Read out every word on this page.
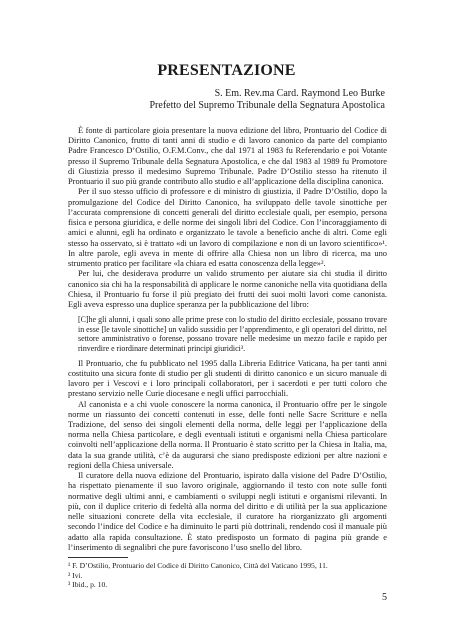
PRESENTAZIONE
S. Em. Rev.ma Card. Raymond Leo Burke
Prefetto del Supremo Tribunale della Segnatura Apostolica

È fonte di particolare gioia presentare la nuova edizione del libro, Prontuario del Codice di Diritto Canonico, frutto di tanti anni di studio e di lavoro canonico da parte del compianto Padre Francesco D’Ostilio, O.F.M.Conv., che dal 1971 al 1983 fu Referendario e poi Votante presso il Supremo Tribunale della Segnatura Apostolica, e che dal 1983 al 1989 fu Promotore di Giustizia presso il medesimo Supremo Tribunale. Padre D’Ostilio stesso ha ritenuto il Prontuario il suo più grande contributo allo studio e all’applicazione della disciplina canonica.

Per il suo stesso ufficio di professore e di ministro di giustizia, il Padre D’Ostilio, dopo la promulgazione del Codice del Diritto Canonico, ha sviluppato delle tavole sinottiche per l’accurata comprensione di concetti generali del diritto ecclesiale quali, per esempio, persona fisica e persona giuridica, e delle norme dei singoli libri del Codice. Con l’incoraggiamento di amici e alunni, egli ha ordinato e organizzato le tavole a beneficio anche di altri. Come egli stesso ha osservato, si è trattato «di un lavoro di compilazione e non di un lavoro scientifico»¹. In altre parole, egli aveva in mente di offrire alla Chiesa non un libro di ricerca, ma uno strumento pratico per facilitare «la chiara ed esatta conoscenza della legge»².

Per lui, che desiderava produrre un valido strumento per aiutare sia chi studia il diritto canonico sia chi ha la responsabilità di applicare le norme canoniche nella vita quotidiana della Chiesa, il Prontuario fu forse il più pregiato dei frutti dei suoi molti lavori come canonista. Egli aveva espresso una duplice speranza per la pubblicazione del libro:

[C]he gli alunni, i quali sono alle prime prese con lo studio del diritto ecclesiale, possano trovare in esse [le tavole sinottiche] un valido sussidio per l’apprendimento, e gli operatori del diritto, nel settore amministrativo o forense, possano trovare nelle medesime un mezzo facile e rapido per rinverdire e riordinare determinati principi giuridici³.

Il Prontuario, che fu pubblicato nel 1995 dalla Libreria Editrice Vaticana, ha per tanti anni costituito una sicura fonte di studio per gli studenti di diritto canonico e un sicuro manuale di lavoro per i Vescovi e i loro principali collaboratori, per i sacerdoti e per tutti coloro che prestano servizio nelle Curie diocesane e negli uffici parrocchiali.

Al canonista e a chi vuole conoscere la norma canonica, il Prontuario offre per le singole norme un riassunto dei concetti contenuti in esse, delle fonti nelle Sacre Scritture e nella Tradizione, del senso dei singoli elementi della norma, delle leggi per l’applicazione della norma nella Chiesa particolare, e degli eventuali istituti e organismi nella Chiesa particolare coinvolti nell’applicazione della norma. Il Prontuario è stato scritto per la Chiesa in Italia, ma, data la sua grande utilità, c’è da augurarsi che siano predisposte edizioni per altre nazioni e regioni della Chiesa universale.

Il curatore della nuova edizione del Prontuario, ispirato dalla visione del Padre D’Ostilio, ha rispettato pienamente il suo lavoro originale, aggiornando il testo con note sulle fonti normative degli ultimi anni, e cambiamenti o sviluppi negli istituti e organismi rilevanti. In più, con il duplice criterio di fedeltà alla norma del diritto e di utilità per la sua applicazione nelle situazioni concrete della vita ecclesiale, il curatore ha riorganizzato gli argomenti secondo l’indice del Codice e ha diminuito le parti più dottrinali, rendendo così il manuale più adatto alla rapida consultazione. È stato predisposto un formato di pagina più grande e l’inserimento di segnalibri che pure favoriscono l’uso snello del libro.

¹ F. D’Ostilio, Prontuario del Codice di Diritto Canonico, Città del Vaticano 1995, 11.
² Ivi.
³ Ibid., p. 10.
5
